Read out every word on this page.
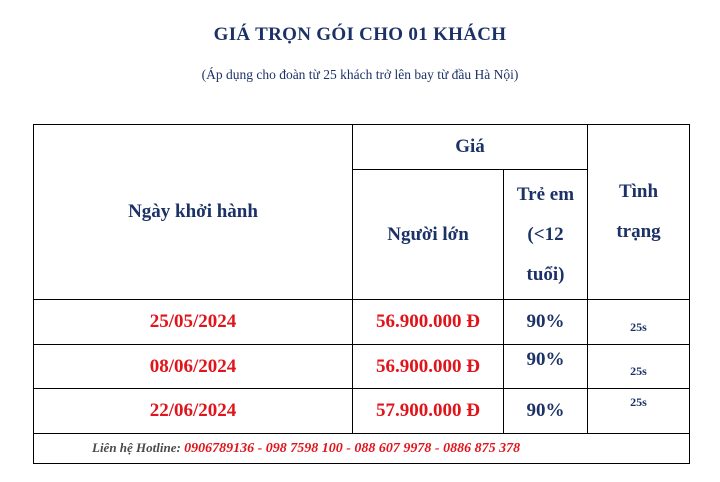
GIÁ TRỌN GÓI CHO 01 KHÁCH
(Áp dụng cho đoàn từ 25 khách trở lên bay từ đầu Hà Nội)
Ngày khởi hành	Giá		Tình trạng

	Người lớn	Trẻ em (<12 tuổi)	

25/05/2024	56.900.000 Đ	90%	25s
08/06/2024	56.900.000 Đ	90%	25s
22/06/2024	57.900.000 Đ	90%	25s
Liên hệ Hotline: 0906789136 - 098 7598 100 - 088 607 9978 - 0886 875 378			
